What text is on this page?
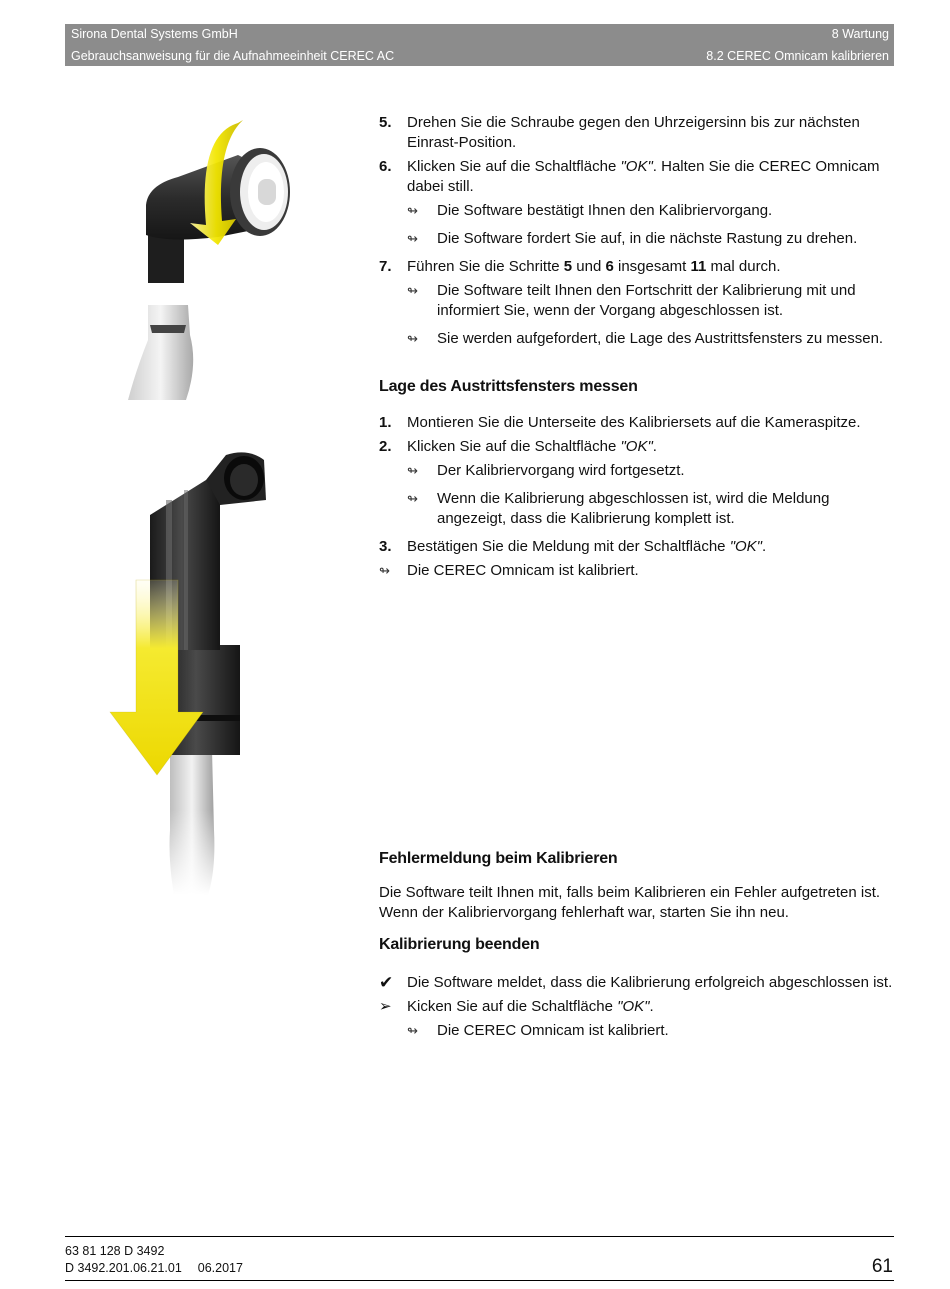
Sirona Dental Systems GmbH	8 Wartung
Gebrauchsanweisung für die Aufnahmeeinheit CEREC AC	8.2 CEREC Omnicam kalibrieren
5.	Drehen Sie die Schraube gegen den Uhrzeigersinn bis zur nächsten Einrast-Position.
6.	Klicken Sie auf die Schaltfläche "OK". Halten Sie die CEREC Omnicam dabei still.
↬	Die Software bestätigt Ihnen den Kalibriervorgang.
↬	Die Software fordert Sie auf, in die nächste Rastung zu drehen.
7.	Führen Sie die Schritte 5 und 6 insgesamt 11 mal durch.
↬	Die Software teilt Ihnen den Fortschritt der Kalibrierung mit und informiert Sie, wenn der Vorgang abgeschlossen ist.
↬	Sie werden aufgefordert, die Lage des Austrittsfensters zu messen.
Lage des Austrittsfensters messen
1.	Montieren Sie die Unterseite des Kalibriersets auf die Kameraspitze.
2.	Klicken Sie auf die Schaltfläche "OK".
↬	Der Kalibriervorgang wird fortgesetzt.
↬	Wenn die Kalibrierung abgeschlossen ist, wird die Meldung angezeigt, dass die Kalibrierung komplett ist.
3.	Bestätigen Sie die Meldung mit der Schaltfläche "OK".
↬	Die CEREC Omnicam ist kalibriert.
Fehlermeldung beim Kalibrieren

Die Software teilt Ihnen mit, falls beim Kalibrieren ein Fehler aufgetreten ist. Wenn der Kalibriervorgang fehlerhaft war, starten Sie ihn neu.

Kalibrierung beenden
✔ Die Software meldet, dass die Kalibrierung erfolgreich abgeschlossen ist.
➢	Kicken Sie auf die Schaltfläche "OK".
↬	Die CEREC Omnicam ist kalibriert.
63 81 128 D 3492
D 3492.201.06.21.01 06.2017	61
